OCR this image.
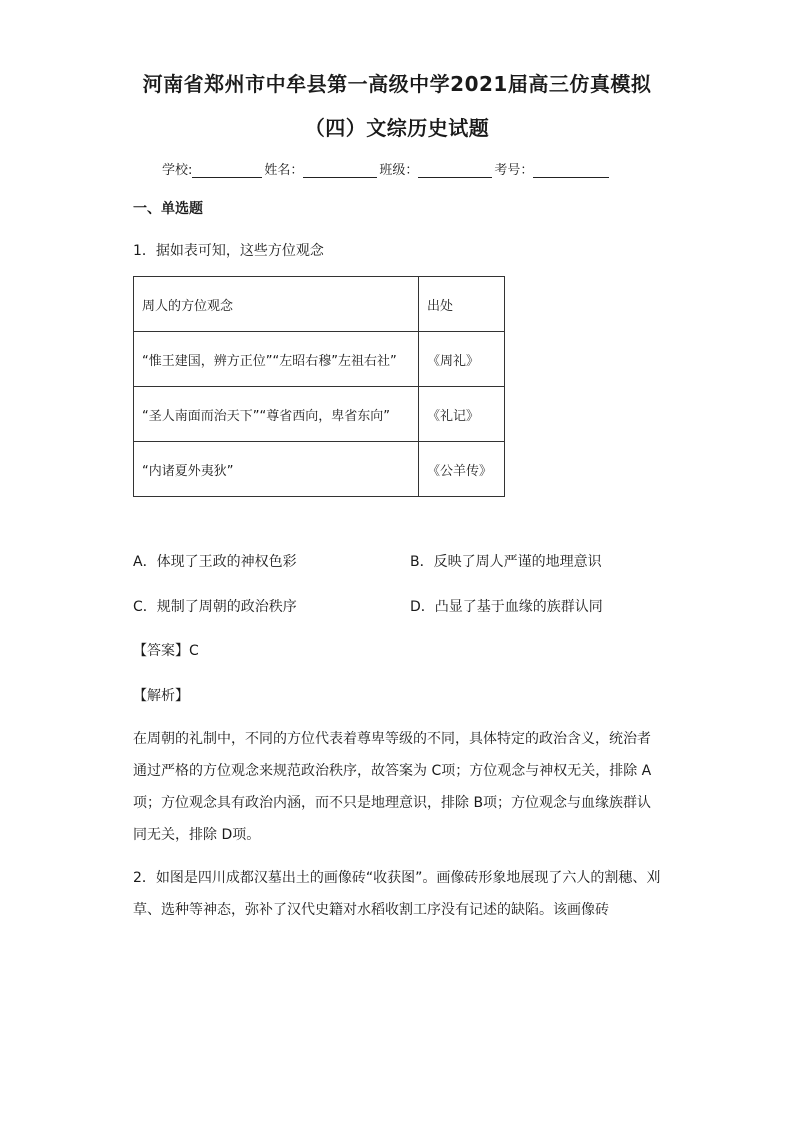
河南省郑州市中牟县第一高级中学2021届高三仿真模拟
（四）文综历史试题
学校:	姓名：	班级：	考号：
一、单选题
1．据如表可知，这些方位观念
周人的方位观念	出处
“惟王建国，辨方正位”“左昭右穆”左祖右社”	《周礼》
“圣人南面而治天下”“尊省西向，卑省东向”	《礼记》
“内诸夏外夷狄”	《公羊传》
A．体现了王政的神权色彩	B．反映了周人严谨的地理意识
C．规制了周朝的政治秩序	D．凸显了基于血缘的族群认同
【答案】C
【解析】
在周朝的礼制中，不同的方位代表着尊卑等级的不同，具体特定的政治含义，统治者
通过严格的方位观念来规范政治秩序，故答案为 C项；方位观念与神权无关，排除 A
项；方位观念具有政治内涵，而不只是地理意识，排除 B项；方位观念与血缘族群认
同无关，排除 D项。
2．如图是四川成都汉墓出土的画像砖“收获图”。画像砖形象地展现了六人的割穗、刈
草、选种等神态，弥补了汉代史籍对水稻收割工序没有记述的缺陷。该画像砖
